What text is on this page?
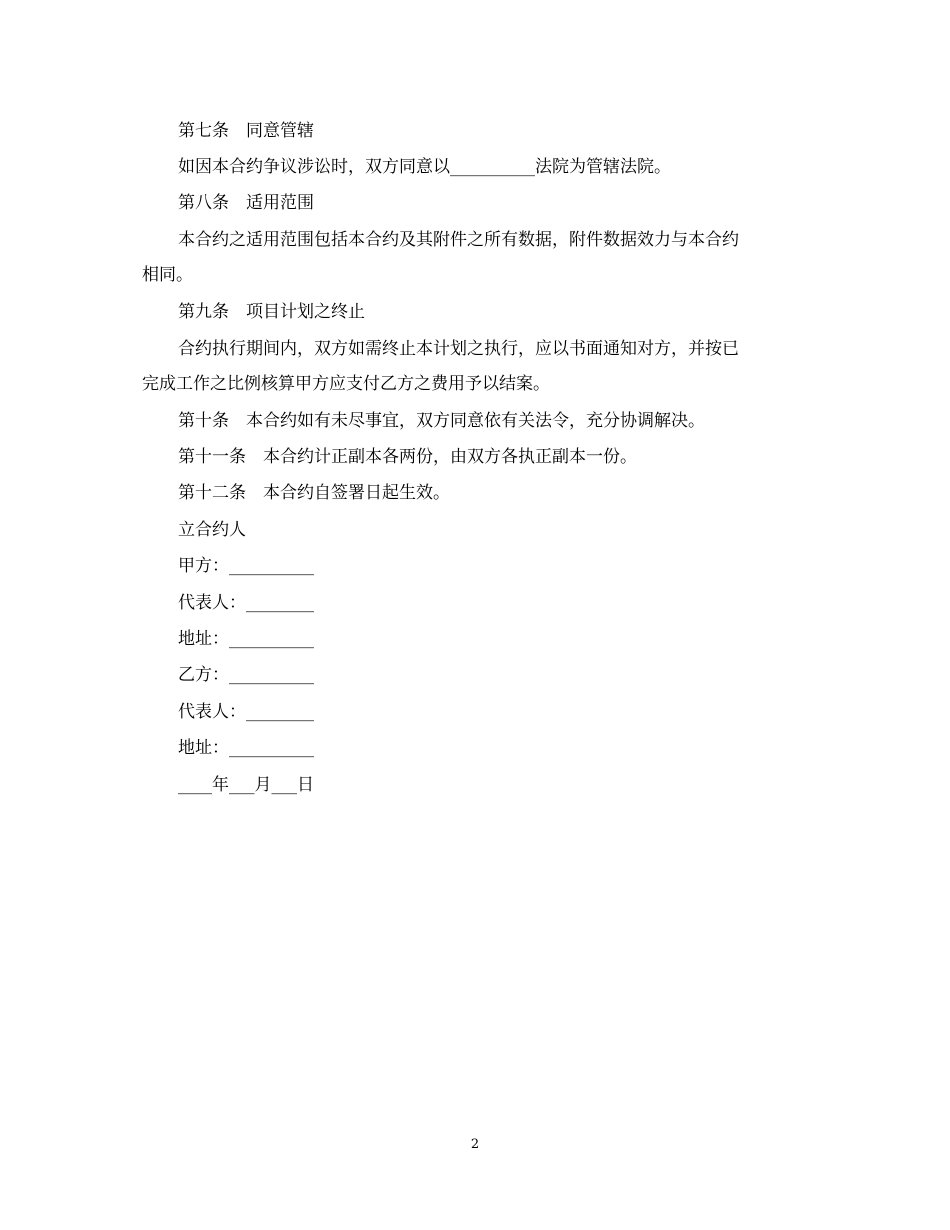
第七条　同意管辖
如因本合约争议涉讼时，双方同意以__________法院为管辖法院。
第八条　适用范围
本合约之适用范围包括本合约及其附件之所有数据，附件数据效力与本合约
相同。
第九条　项目计划之终止
合约执行期间内，双方如需终止本计划之执行，应以书面通知对方，并按已
完成工作之比例核算甲方应支付乙方之费用予以结案。
第十条　本合约如有未尽事宜，双方同意依有关法令，充分协调解决。
第十一条　本合约计正副本各两份，由双方各执正副本一份。
第十二条　本合约自签署日起生效。
立合约人
甲方：__________
代表人：________
地址：__________
乙方：__________
代表人：________
地址：__________
____年___月___日
2
